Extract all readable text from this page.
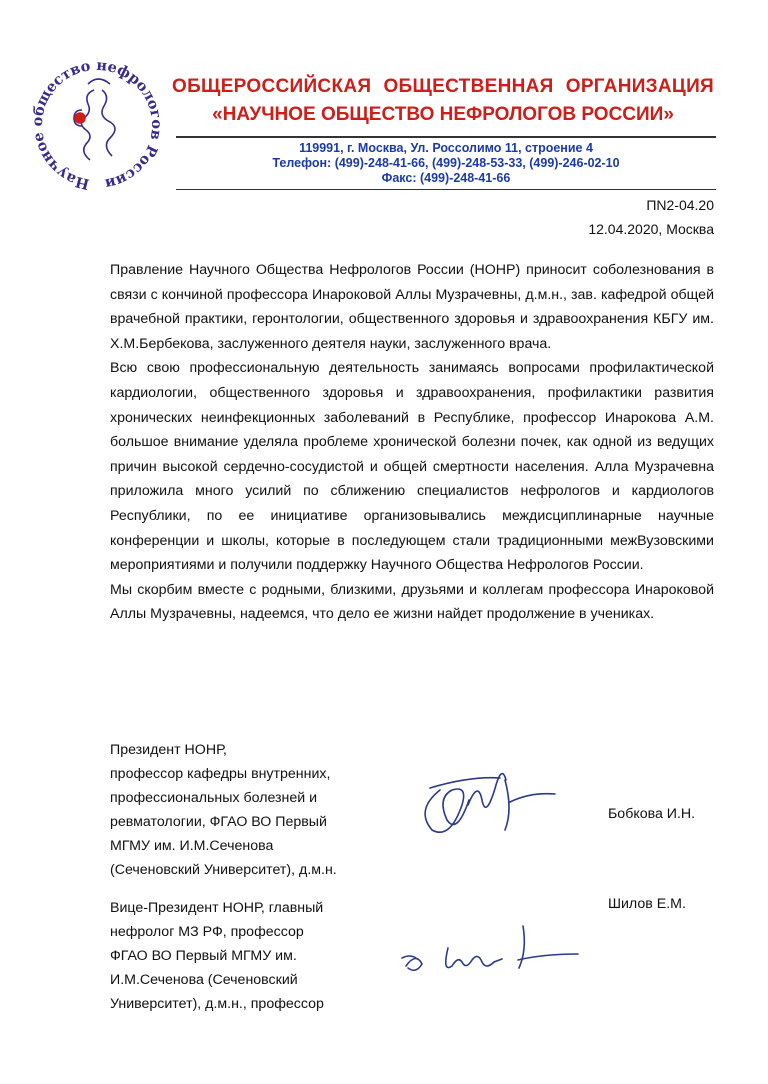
Научное общество нефрологов России
ОБЩЕРОССИЙСКАЯ ОБЩЕСТВЕННАЯ ОРГАНИЗАЦИЯ
«НАУЧНОЕ ОБЩЕСТВО НЕФРОЛОГОВ РОССИИ»
119991, г. Москва, Ул. Россолимо 11, строение 4
Телефон: (499)-248-41-66, (499)-248-53-33, (499)-246-02-10
Факс: (499)-248-41-66
ПN2-04.20
12.04.2020, Москва

Правление Научного Общества Нефрологов России (НОНР) приносит соболезнования в связи с кончиной профессора Инароковой Аллы Музрачевны, д.м.н., зав. кафедрой общей врачебной практики, геронтологии, общественного здоровья и здравоохранения КБГУ им. Х.М.Бербекова, заслуженного деятеля науки, заслуженного врача.

Всю свою профессиональную деятельность занимаясь вопросами профилактической кардиологии, общественного здоровья и здравоохранения, профилактики развития хронических неинфекционных заболеваний в Республике, профессор Инарокова А.М. большое внимание уделяла проблеме хронической болезни почек, как одной из ведущих причин высокой сердечно-сосудистой и общей смертности населения. Алла Музрачевна приложила много усилий по сближению специалистов нефрологов и кардиологов Республики, по ее инициативе организовывались междисциплинарные научные конференции и школы, которые в последующем стали традиционными межВузовскими мероприятиями и получили поддержку Научного Общества Нефрологов России.

Мы скорбим вместе с родными, близкими, друзьями и коллегам профессора Инароковой Аллы Музрачевны, надеемся, что дело ее жизни найдет продолжение в учениках.

Президент НОНР,
профессор кафедры внутренних,
профессиональных болезней и
ревматологии, ФГАО ВО Первый
МГМУ им. И.М.Сеченова
(Сеченовский Университет), д.м.н.
Бобкова И.Н.
Вице-Президент НОНР, главный
нефролог МЗ РФ, профессор
ФГАО ВО Первый МГМУ им.
И.М.Сеченова (Сеченовский
Университет), д.м.н., профессор
Шилов Е.М.
